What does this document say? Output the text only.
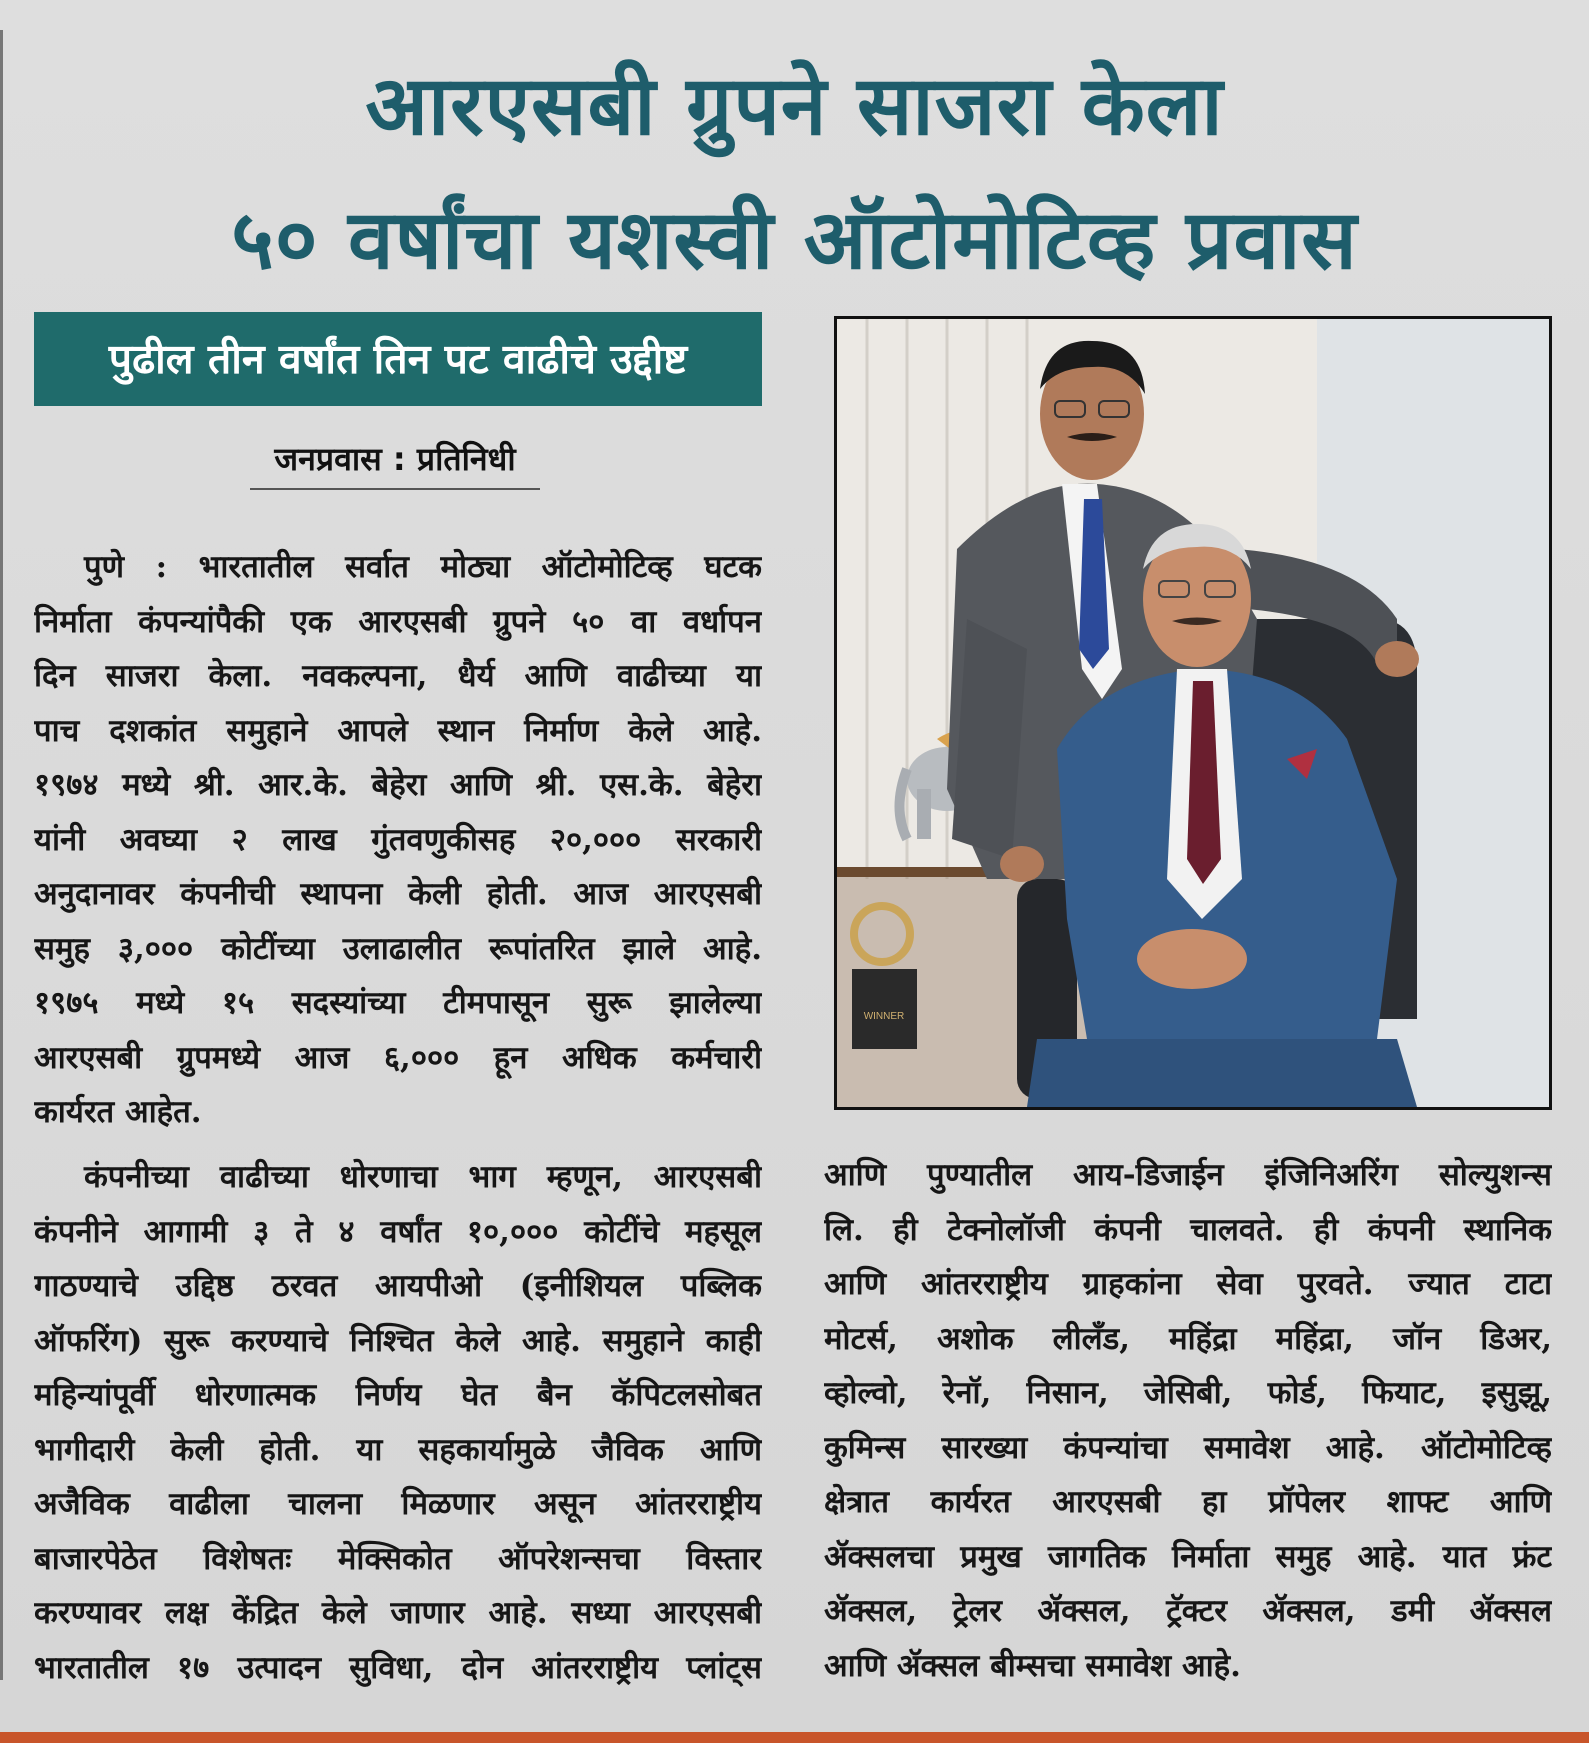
आरएसबी ग्रुपने साजरा केला
५० वर्षांचा यशस्वी ऑटोमोटिव्ह प्रवास
पुढील तीन वर्षांत तिन पट वाढीचे उद्दीष्ट
जनप्रवास : प्रतिनिधी
पुणे : भारतातील सर्वात मोठ्या ऑटोमोटिव्ह घटक
निर्माता कंपन्यांपैकी एक आरएसबी ग्रुपने ५० वा वर्धापन
दिन साजरा केला. नवकल्पना, धैर्य आणि वाढीच्या या
पाच दशकांत समुहाने आपले स्थान निर्माण केले आहे.
१९७४ मध्ये श्री. आर.के. बेहेरा आणि श्री. एस.के. बेहेरा
यांनी अवघ्या २ लाख गुंतवणुकीसह २०,००० सरकारी
अनुदानावर कंपनीची स्थापना केली होती. आज आरएसबी
समुह ३,००० कोटींच्या उलाढालीत रूपांतरित झाले आहे.
१९७५ मध्ये १५ सदस्यांच्या टीमपासून सुरू झालेल्या
आरएसबी ग्रुपमध्ये आज ६,००० हून अधिक कर्मचारी
कार्यरत आहेत.
कंपनीच्या वाढीच्या धोरणाचा भाग म्हणून, आरएसबी
कंपनीने आगामी ३ ते ४ वर्षांत १०,००० कोटींचे महसूल
गाठण्याचे उद्दिष्ठ ठरवत आयपीओ (इनीशियल पब्लिक
ऑफरिंग) सुरू करण्याचे निश्चित केले आहे. समुहाने काही
महिन्यांपूर्वी धोरणात्मक निर्णय घेत बैन कॅपिटलसोबत
भागीदारी केली होती. या सहकार्यामुळे जैविक आणि
अजैविक वाढीला चालना मिळणार असून आंतरराष्ट्रीय
बाजारपेठेत विशेषतः मेक्सिकोत ऑपरेशन्सचा विस्तार
करण्यावर लक्ष केंद्रित केले जाणार आहे. सध्या आरएसबी
भारतातील १७ उत्पादन सुविधा, दोन आंतरराष्ट्रीय प्लांट्स
WINNER
आणि पुण्यातील आय-डिजाईन इंजिनिअरिंग सोल्युशन्स
लि. ही टेक्नोलॉजी कंपनी चालवते. ही कंपनी स्थानिक
आणि आंतरराष्ट्रीय ग्राहकांना सेवा पुरवते. ज्यात टाटा
मोटर्स, अशोक लीलँड, महिंद्रा महिंद्रा, जॉन डिअर,
व्होल्वो, रेनॉ, निसान, जेसिबी, फोर्ड, फियाट, इसुझू,
कुमिन्स सारख्या कंपन्यांचा समावेश आहे. ऑटोमोटिव्ह
क्षेत्रात कार्यरत आरएसबी हा प्रॉपेलर शाफ्ट आणि
ॲक्सलचा प्रमुख जागतिक निर्माता समुह आहे. यात फ्रंट
ॲक्सल, ट्रेलर ॲक्सल, ट्रॅक्टर ॲक्सल, डमी ॲक्सल
आणि ॲक्सल बीम्सचा समावेश आहे.
